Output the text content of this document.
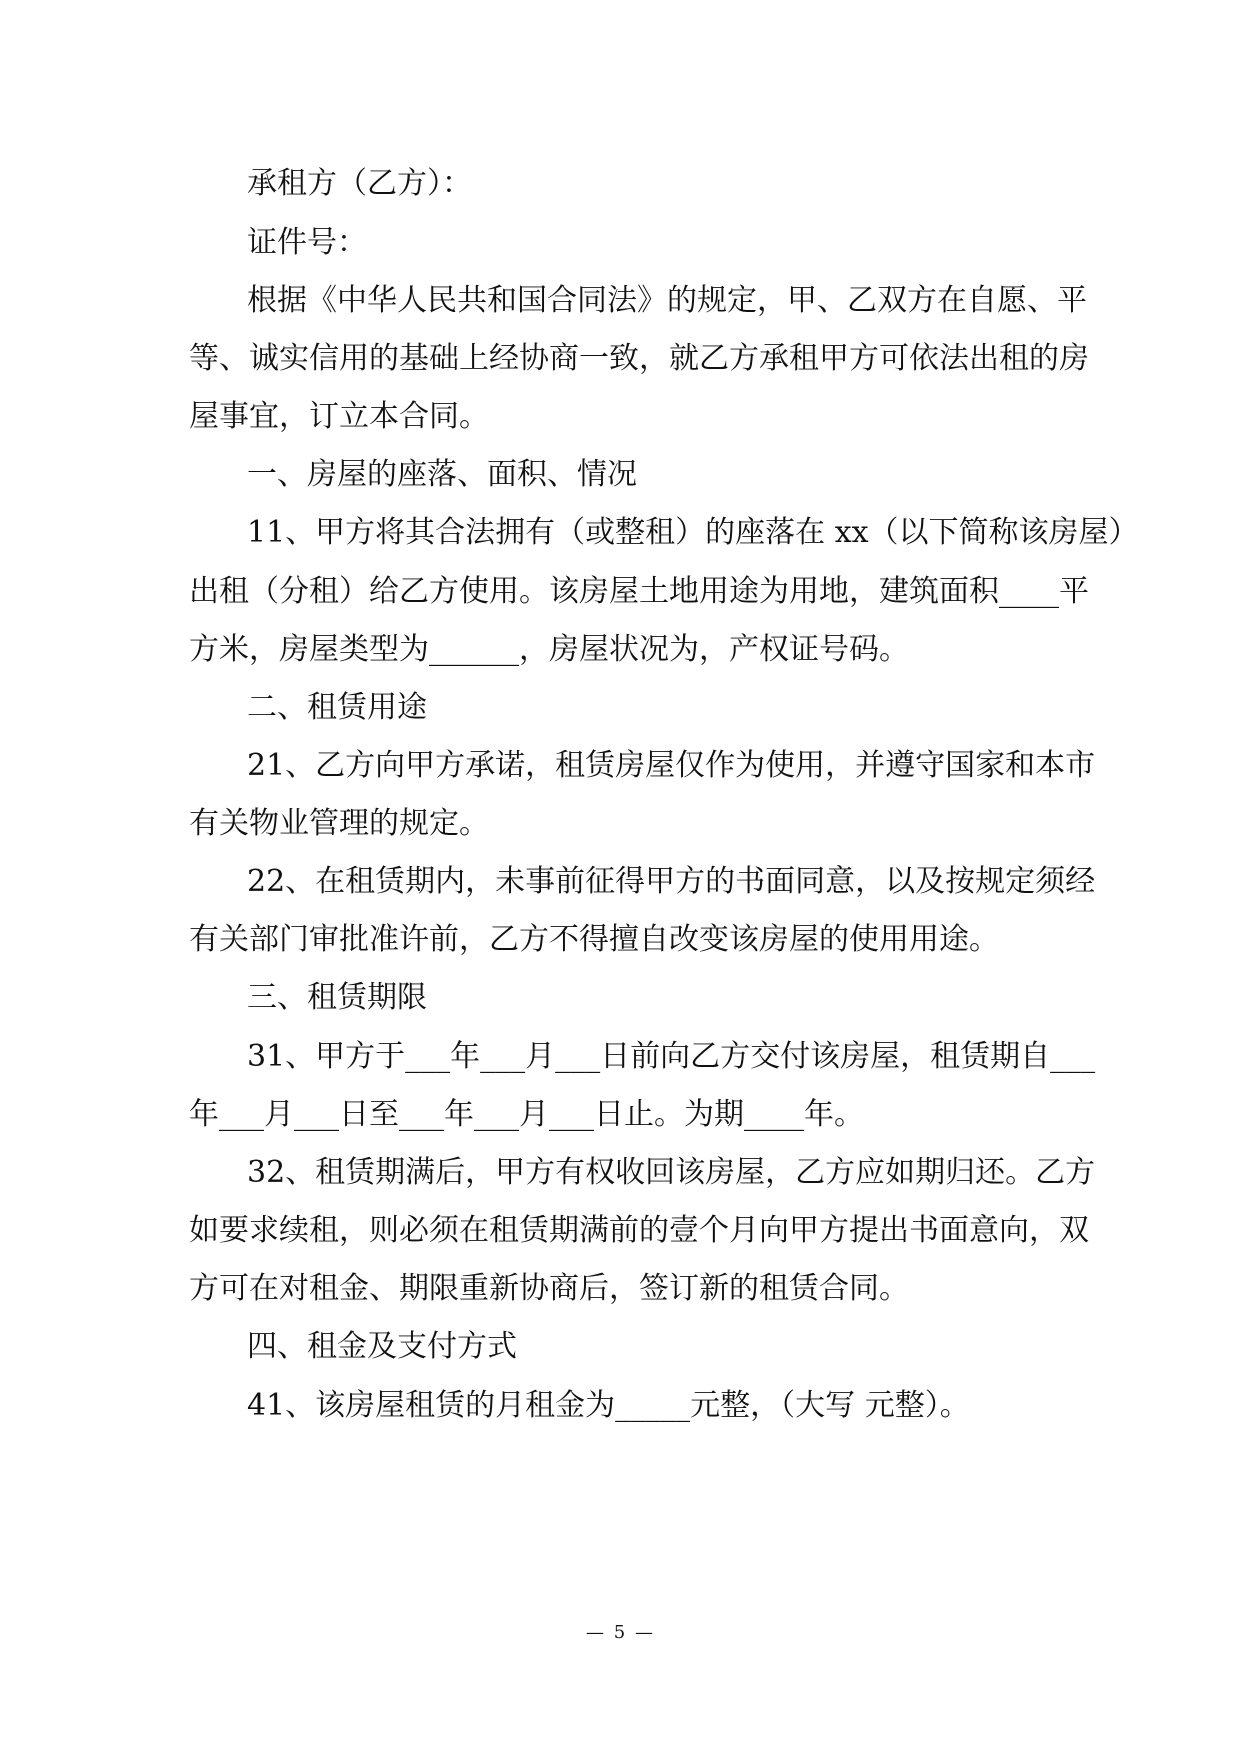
承租方（乙方）：
证件号：
根据《中华人民共和国合同法》的规定，甲、乙双方在自愿、平
等、诚实信用的基础上经协商一致，就乙方承租甲方可依法出租的房
屋事宜，订立本合同。
一、房屋的座落、面积、情况
11、甲方将其合法拥有（或整租）的座落在 xx（以下简称该房屋）
出租（分租）给乙方使用。该房屋土地用途为用地，建筑面积____平
方米，房屋类型为______，房屋状况为，产权证号码。
二、租赁用途
21、乙方向甲方承诺，租赁房屋仅作为使用，并遵守国家和本市
有关物业管理的规定。
22、在租赁期内，未事前征得甲方的书面同意，以及按规定须经
有关部门审批准许前，乙方不得擅自改变该房屋的使用用途。
三、租赁期限
31、甲方于___年___月___日前向乙方交付该房屋，租赁期自___
年___月___日至___年___月___日止。为期____年。
32、租赁期满后，甲方有权收回该房屋，乙方应如期归还。乙方
如要求续租，则必须在租赁期满前的壹个月向甲方提出书面意向，双
方可在对租金、期限重新协商后，签订新的租赁合同。
四、租金及支付方式
41、该房屋租赁的月租金为_____元整，（大写 元整）。
— 5 —
